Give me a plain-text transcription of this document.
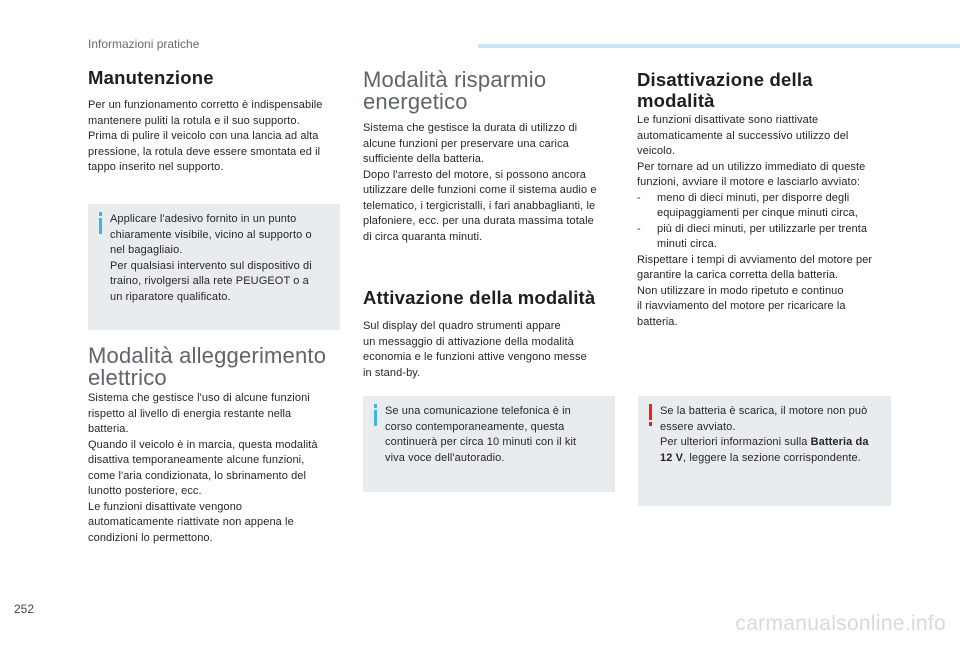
Informazioni pratiche
Manutenzione

Per un funzionamento corretto è indispensabile
mantenere puliti la rotula e il suo supporto.
Prima di pulire il veicolo con una lancia ad alta
pressione, la rotula deve essere smontata ed il
tappo inserito nel supporto.

Applicare l'adesivo fornito in un punto
chiaramente visibile, vicino al supporto o
nel bagagliaio.
Per qualsiasi intervento sul dispositivo di
traino, rivolgersi alla rete PEUGEOT o a
un riparatore qualificato.

Modalità alleggerimento
elettrico

Sistema che gestisce l'uso di alcune funzioni
rispetto al livello di energia restante nella
batteria.
Quando il veicolo è in marcia, questa modalità
disattiva temporaneamente alcune funzioni,
come l'aria condizionata, lo sbrinamento del
lunotto posteriore, ecc.
Le funzioni disattivate vengono
automaticamente riattivate non appena le
condizioni lo permettono.

Modalità risparmio
energetico

Sistema che gestisce la durata di utilizzo di
alcune funzioni per preservare una carica
sufficiente della batteria.
Dopo l'arresto del motore, si possono ancora
utilizzare delle funzioni come il sistema audio e
telematico, i tergicristalli, i fari anabbaglianti, le
plafoniere, ecc. per una durata massima totale
di circa quaranta minuti.

Attivazione della modalità

Sul display del quadro strumenti appare
un messaggio di attivazione della modalità
economia e le funzioni attive vengono messe
in stand-by.

Se una comunicazione telefonica è in
corso contemporaneamente, questa
continuerà per circa 10 minuti con il kit
viva voce dell'autoradio.

Disattivazione della
modalità

Le funzioni disattivate sono riattivate
automaticamente al successivo utilizzo del
veicolo.
Per tornare ad un utilizzo immediato di queste
funzioni, avviare il motore e lasciarlo avviato:

-	meno di dieci minuti, per disporre degli
equipaggiamenti per cinque minuti circa,
-	più di dieci minuti, per utilizzarle per trenta
minuti circa.

Rispettare i tempi di avviamento del motore per
garantire la carica corretta della batteria.
Non utilizzare in modo ripetuto e continuo
il riavviamento del motore per ricaricare la
batteria.

Se la batteria è scarica, il motore non può
essere avviato.
Per ulteriori informazioni sulla Batteria da
12 V, leggere la sezione corrispondente.

252
carmanualsonline.info
